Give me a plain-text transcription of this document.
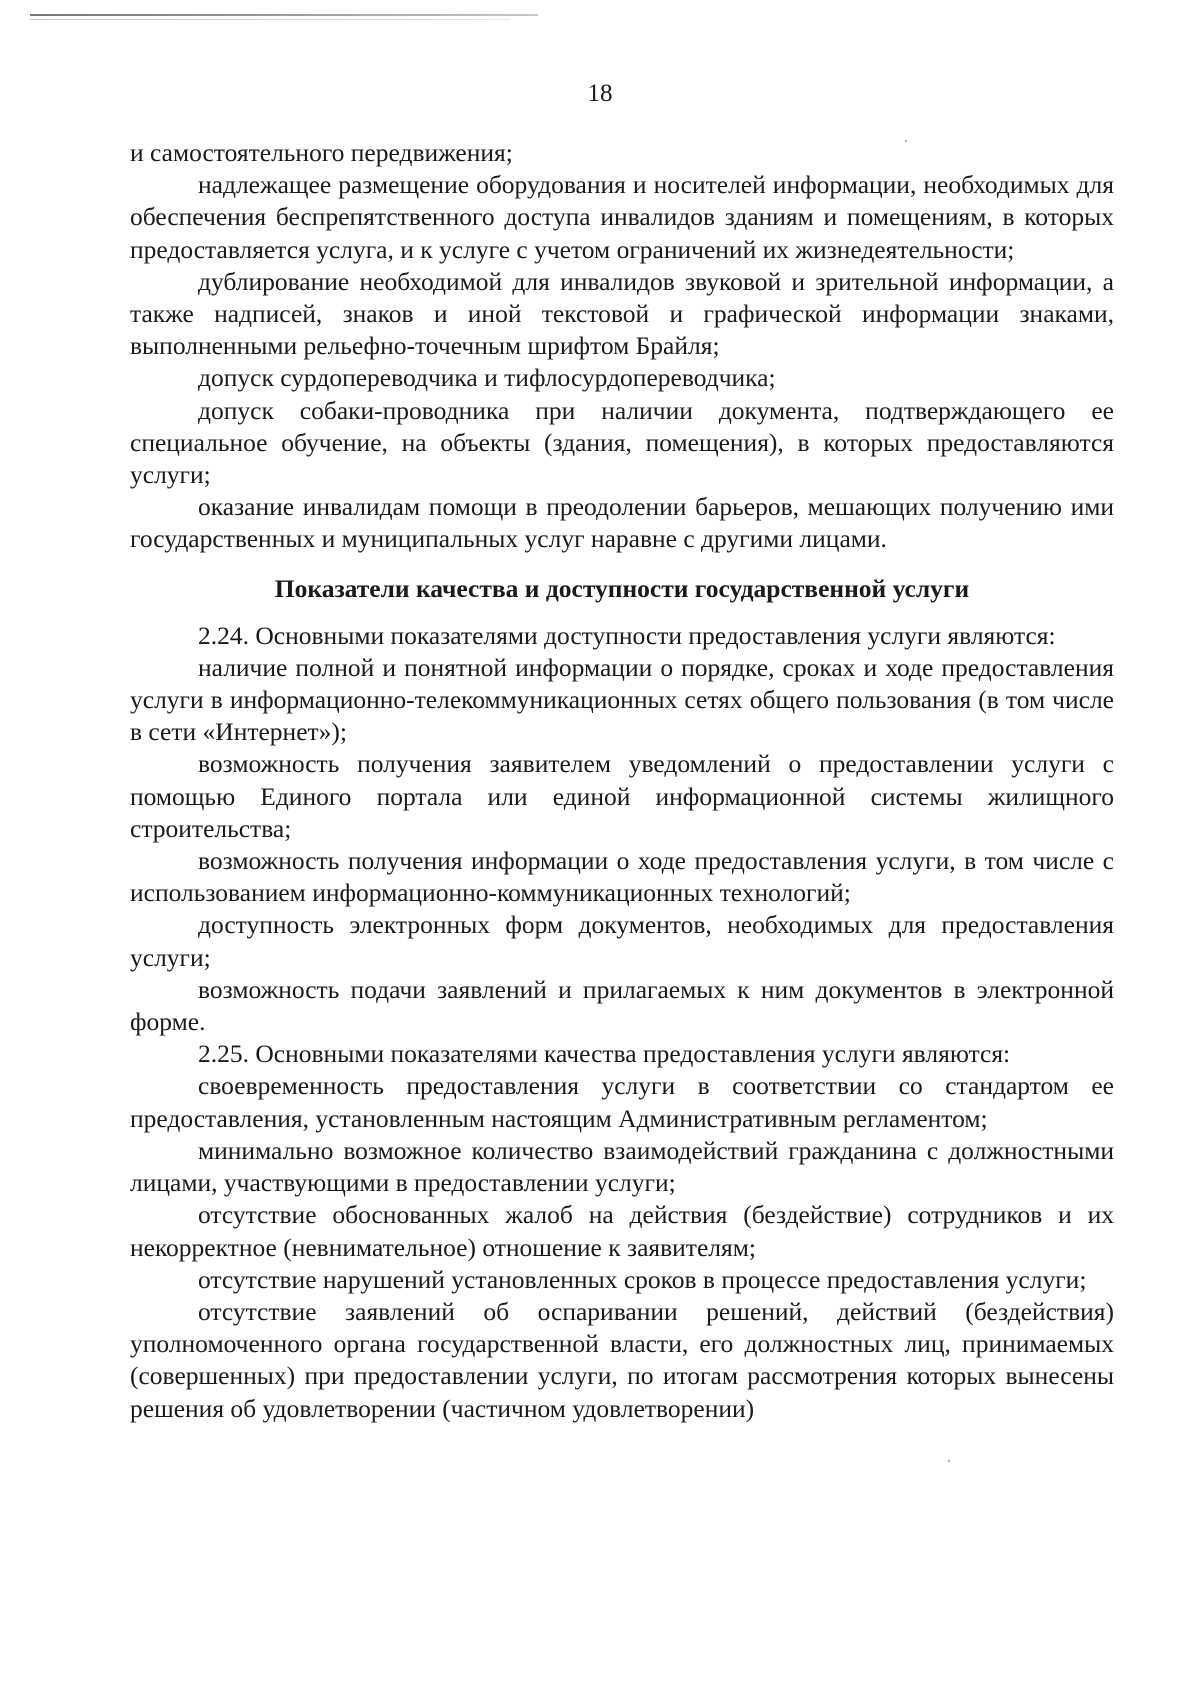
18

и самостоятельного передвижения;

надлежащее размещение оборудования и носителей информации, необходимых для обеспечения беспрепятственного доступа инвалидов зданиям и помещениям, в которых предоставляется услуга, и к услуге с учетом ограничений их жизнедеятельности;

дублирование необходимой для инвалидов звуковой и зрительной информации, а также надписей, знаков и иной текстовой и графической информации знаками, выполненными рельефно-точечным шрифтом Брайля;

допуск сурдопереводчика и тифлосурдопереводчика;

допуск собаки-проводника при наличии документа, подтверждающего ее специальное обучение, на объекты (здания, помещения), в которых предоставляются услуги;

оказание инвалидам помощи в преодолении барьеров, мешающих получению ими государственных и муниципальных услуг наравне с другими лицами.

Показатели качества и доступности государственной услуги

2.24. Основными показателями доступности предоставления услуги являются:

наличие полной и понятной информации о порядке, сроках и ходе предоставления услуги в информационно-телекоммуникационных сетях общего пользования (в том числе в сети «Интернет»);

возможность получения заявителем уведомлений о предоставлении услуги с помощью Единого портала или единой информационной системы жилищного строительства;

возможность получения информации о ходе предоставления услуги, в том числе с использованием информационно-коммуникационных технологий;

доступность электронных форм документов, необходимых для предоставления услуги;

возможность подачи заявлений и прилагаемых к ним документов в электронной форме.

2.25. Основными показателями качества предоставления услуги являются:

своевременность предоставления услуги в соответствии со стандартом ее предоставления, установленным настоящим Административным регламентом;

минимально возможное количество взаимодействий гражданина с должностными лицами, участвующими в предоставлении услуги;

отсутствие обоснованных жалоб на действия (бездействие) сотрудников и их некорректное (невнимательное) отношение к заявителям;

отсутствие нарушений установленных сроков в процессе предоставления услуги;

отсутствие заявлений об оспаривании решений, действий (бездействия) уполномоченного органа государственной власти, его должностных лиц, принимаемых (совершенных) при предоставлении услуги, по итогам рассмотрения которых вынесены решения об удовлетворении (частичном удовлетворении)
